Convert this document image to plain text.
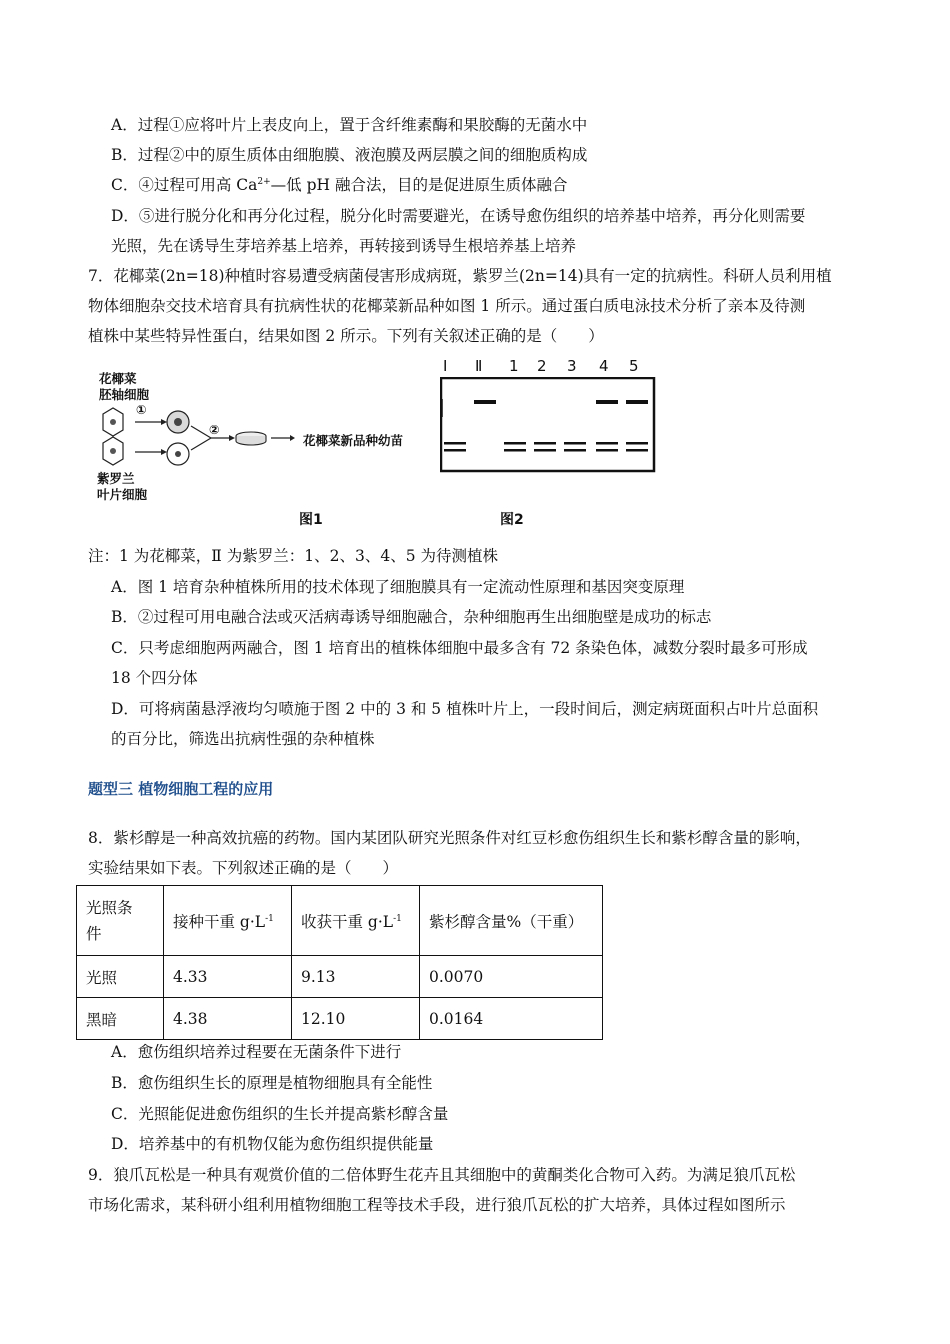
A．过程①应将叶片上表皮向上，置于含纤维素酶和果胶酶的无菌水中
B．过程②中的原生质体由细胞膜、液泡膜及两层膜之间的细胞质构成
C．④过程可用高 $Ca^{2+}—$低 pH 融合法，目的是促进原生质体融合
D．⑤进行脱分化和再分化过程，脱分化时需要避光，在诱导愈伤组织的培养基中培养，再分化则需要
光照，先在诱导生芽培养基上培养，再转接到诱导生根培养基上培养
7．花椰菜(2n=18)种植时容易遭受病菌侵害形成病斑，紫罗兰(2n=14)具有一定的抗病性。科研人员利用植
物体细胞杂交技术培育具有抗病性状的花椰菜新品种如图 1 所示。通过蛋白质电泳技术分析了亲本及待测
植株中某些特异性蛋白，结果如图 2 所示。下列有关叙述正确的是（　　）
花椰菜
胚轴细胞
紫罗兰
叶片细胞
①
②
花椰菜新品种幼苗
图1
Ⅰ Ⅱ 1 2 3 4 5
图2
注：1 为花椰菜，Ⅱ 为紫罗兰：1、2、3、4、5 为待测植株
A．图 1 培育杂种植株所用的技术体现了细胞膜具有一定流动性原理和基因突变原理
B．②过程可用电融合法或灭活病毒诱导细胞融合，杂种细胞再生出细胞壁是成功的标志
C．只考虑细胞两两融合，图 1 培育出的植株体细胞中最多含有 72 条染色体，减数分裂时最多可形成
18 个四分体
D．可将病菌悬浮液均匀喷施于图 2 中的 3 和 5 植株叶片上，一段时间后，测定病斑面积占叶片总面积
的百分比，筛选出抗病性强的杂种植株
题型三 植物细胞工程的应用
8．紫杉醇是一种高效抗癌的药物。国内某团队研究光照条件对红豆杉愈伤组织生长和紫杉醇含量的影响，
实验结果如下表。下列叙述正确的是（　　）
光照条
件	接种干重 $g\cdot L^{-1}$	收获干重 $g\cdot L^{-1}$	紫杉醇含量%（干重）
光照	4.33	9.13	0.0070
黑暗	4.38	12.10	0.0164
A．愈伤组织培养过程要在无菌条件下进行
B．愈伤组织生长的原理是植物细胞具有全能性
C．光照能促进愈伤组织的生长并提高紫杉醇含量
D．培养基中的有机物仅能为愈伤组织提供能量
9．狼爪瓦松是一种具有观赏价值的二倍体野生花卉且其细胞中的黄酮类化合物可入药。为满足狼爪瓦松
市场化需求，某科研小组利用植物细胞工程等技术手段，进行狼爪瓦松的扩大培养，具体过程如图所示
